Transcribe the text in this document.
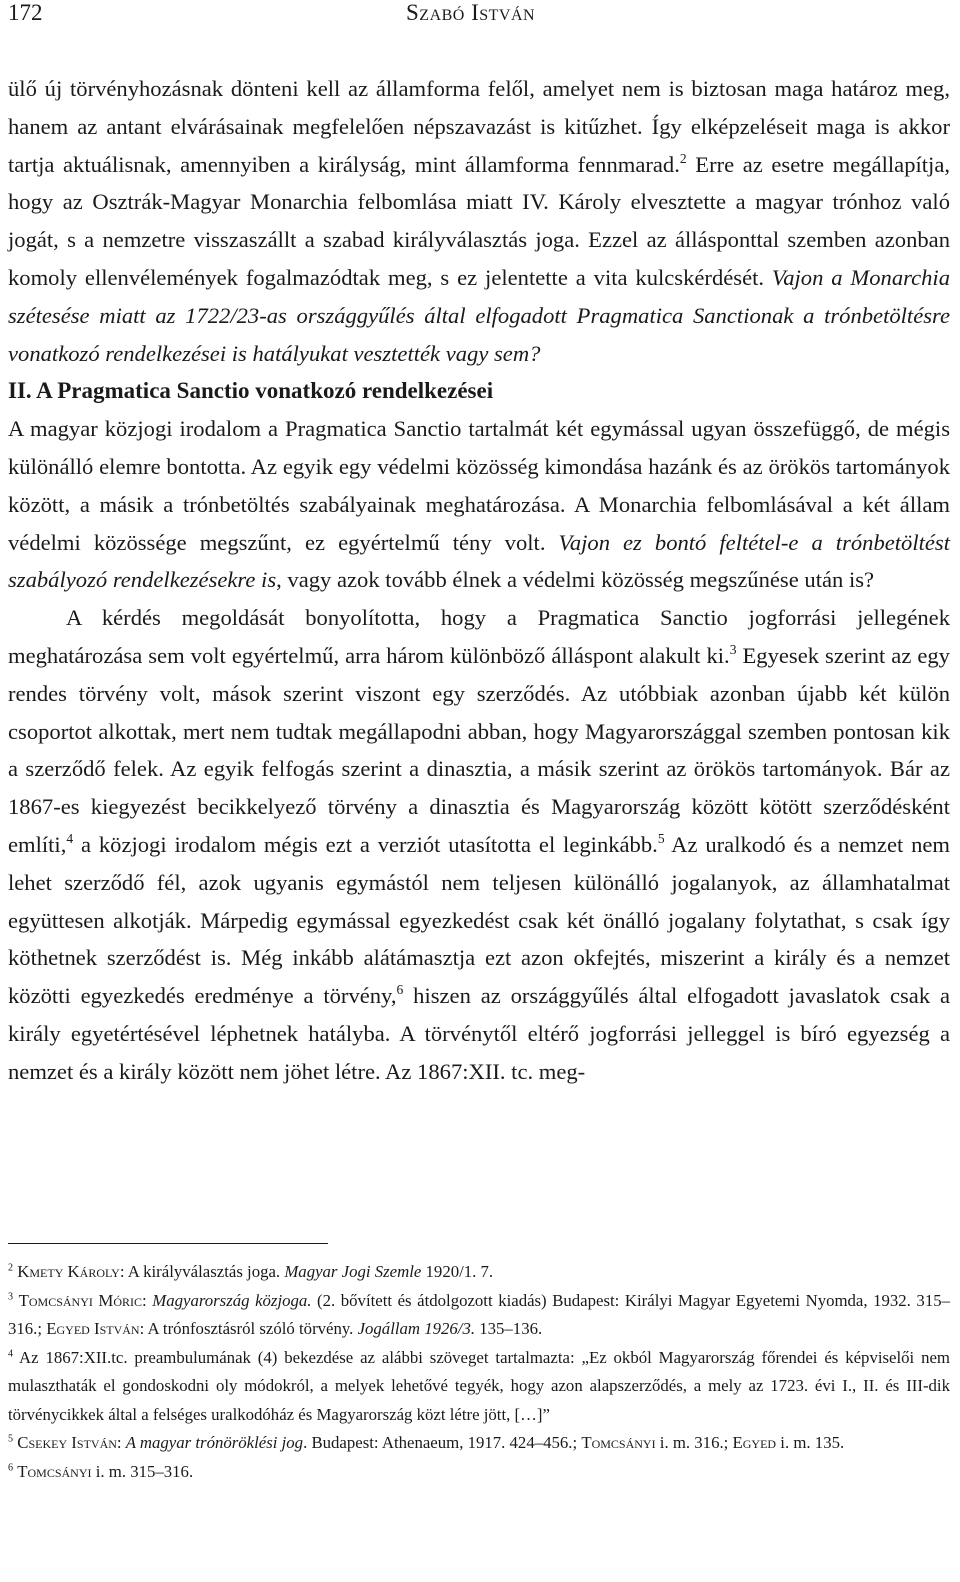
172	Szabó István

ülő új törvényhozásnak dönteni kell az államforma felől, amelyet nem is biztosan maga határoz meg, hanem az antant elvárásainak megfelelően népszavazást is kitűzhet. Így elképzeléseit maga is akkor tartja aktuálisnak, amennyiben a királyság, mint államforma fennmarad.$^2$ Erre az esetre megállapítja, hogy az Osztrák-Magyar Monarchia felbomlása miatt IV. Károly elvesztette a magyar trónhoz való jogát, s a nemzetre visszaszállt a szabad királyválasztás joga. Ezzel az állásponttal szemben azonban komoly ellenvélemények fogalmazódtak meg, s ez jelentette a vita kulcskérdését. Vajon a Monarchia szétesése miatt az 1722/23-as országgyűlés által elfogadott Pragmatica Sanctionak a trónbetöltésre vonatkozó rendelkezései is hatályukat vesztették vagy sem?

II. A Pragmatica Sanctio vonatkozó rendelkezései

A magyar közjogi irodalom a Pragmatica Sanctio tartalmát két egymással ugyan összefüggő, de mégis különálló elemre bontotta. Az egyik egy védelmi közösség kimondása hazánk és az örökös tartományok között, a másik a trónbetöltés szabályainak meghatározása. A Monarchia felbomlásával a két állam védelmi közössége megszűnt, ez egyértelmű tény volt. Vajon ez bontó feltétel-e a trónbetöltést szabályozó rendelkezésekre is, vagy azok tovább élnek a védelmi közösség megszűnése után is?

A kérdés megoldását bonyolította, hogy a Pragmatica Sanctio jogforrási jellegének meghatározása sem volt egyértelmű, arra három különböző álláspont alakult ki.$^3$ Egyesek szerint az egy rendes törvény volt, mások szerint viszont egy szerződés. Az utóbbiak azonban újabb két külön csoportot alkottak, mert nem tudtak megállapodni abban, hogy Magyarországgal szemben pontosan kik a szerződő felek. Az egyik felfogás szerint a dinasztia, a másik szerint az örökös tartományok. Bár az 1867-es kiegyezést becikkelyező törvény a dinasztia és Magyarország között kötött szerződésként említi,$^4$ a közjogi irodalom mégis ezt a verziót utasította el leginkább.$^5$ Az uralkodó és a nemzet nem lehet szerződő fél, azok ugyanis egymástól nem teljesen különálló jogalanyok, az államhatalmat együttesen alkotják. Márpedig egymással egyezkedést csak két önálló jogalany folytathat, s csak így köthetnek szerződést is. Még inkább alátámasztja ezt azon okfejtés, miszerint a király és a nemzet közötti egyezkedés eredménye a törvény,$^6$ hiszen az országgyűlés által elfogadott javaslatok csak a király egyetértésével léphetnek hatályba. A törvénytől eltérő jogforrási jelleggel is bíró egyezség a nemzet és a király között nem jöhet létre. Az 1867:XII. tc. meg-

$^2$ Kmety Károly: A királyválasztás joga. Magyar Jogi Szemle 1920/1. 7.

$^3$ Tomcsányi Móric: Magyarország közjoga. (2. bővített és átdolgozott kiadás) Budapest: Királyi Magyar Egyetemi Nyomda, 1932. 315–316.; Egyed István: A trónfosztásról szóló törvény. Jogállam 1926/3. 135–136.

$^4$ Az 1867:XII.tc. preambulumának (4) bekezdése az alábbi szöveget tartalmazta: „Ez okból Magyarország főrendei és képviselői nem mulaszthaták el gondoskodni oly módokról, a melyek lehetővé tegyék, hogy azon alapszerződés, a mely az 1723. évi I., II. és III-dik törvénycikkek által a felséges uralkodóház és Magyarország közt létre jött, […]”

$^5$ Csekey István: A magyar trónöröklési jog. Budapest: Athenaeum, 1917. 424–456.; Tomcsányi i. m. 316.; Egyed i. m. 135.

$^6$ Tomcsányi i. m. 315–316.
